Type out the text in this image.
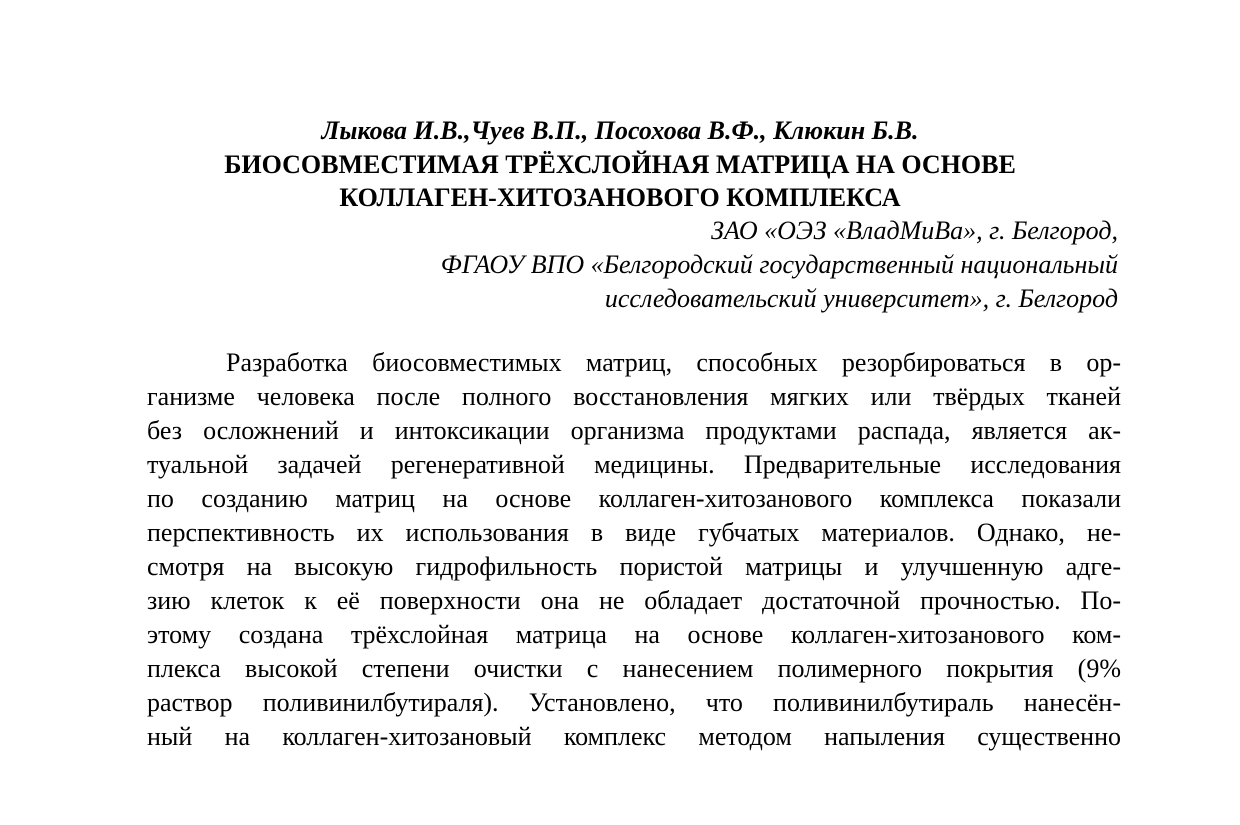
Лыкова И.В.,Чуев В.П., Посохова В.Ф., Клюкин Б.В.
БИОСОВМЕСТИМАЯ ТРЁХСЛОЙНАЯ МАТРИЦА НА ОСНОВЕ
КОЛЛАГЕН-ХИТОЗАНОВОГО КОМПЛЕКСА
ЗАО «ОЭЗ «ВладМиВа», г. Белгород,
ФГАОУ ВПО «Белгородский государственный национальный
исследовательский университет», г. Белгород
Разработка биосовместимых матриц, способных резорбироваться в ор-
ганизме человека после полного восстановления мягких или твёрдых тканей
без осложнений и интоксикации организма продуктами распада, является ак-
туальной задачей регенеративной медицины. Предварительные исследования
по созданию матриц на основе коллаген-хитозанового комплекса показали
перспективность их использования в виде губчатых материалов. Однако, не-
смотря на высокую гидрофильность пористой матрицы и улучшенную адге-
зию клеток к её поверхности она не обладает достаточной прочностью. По-
этому создана трёхслойная матрица на основе коллаген-хитозанового ком-
плекса высокой степени очистки с нанесением полимерного покрытия (9%
раствор поливинилбутираля). Установлено, что поливинилбутираль нанесён-
ный на коллаген-хитозановый комплекс методом напыления существенно
